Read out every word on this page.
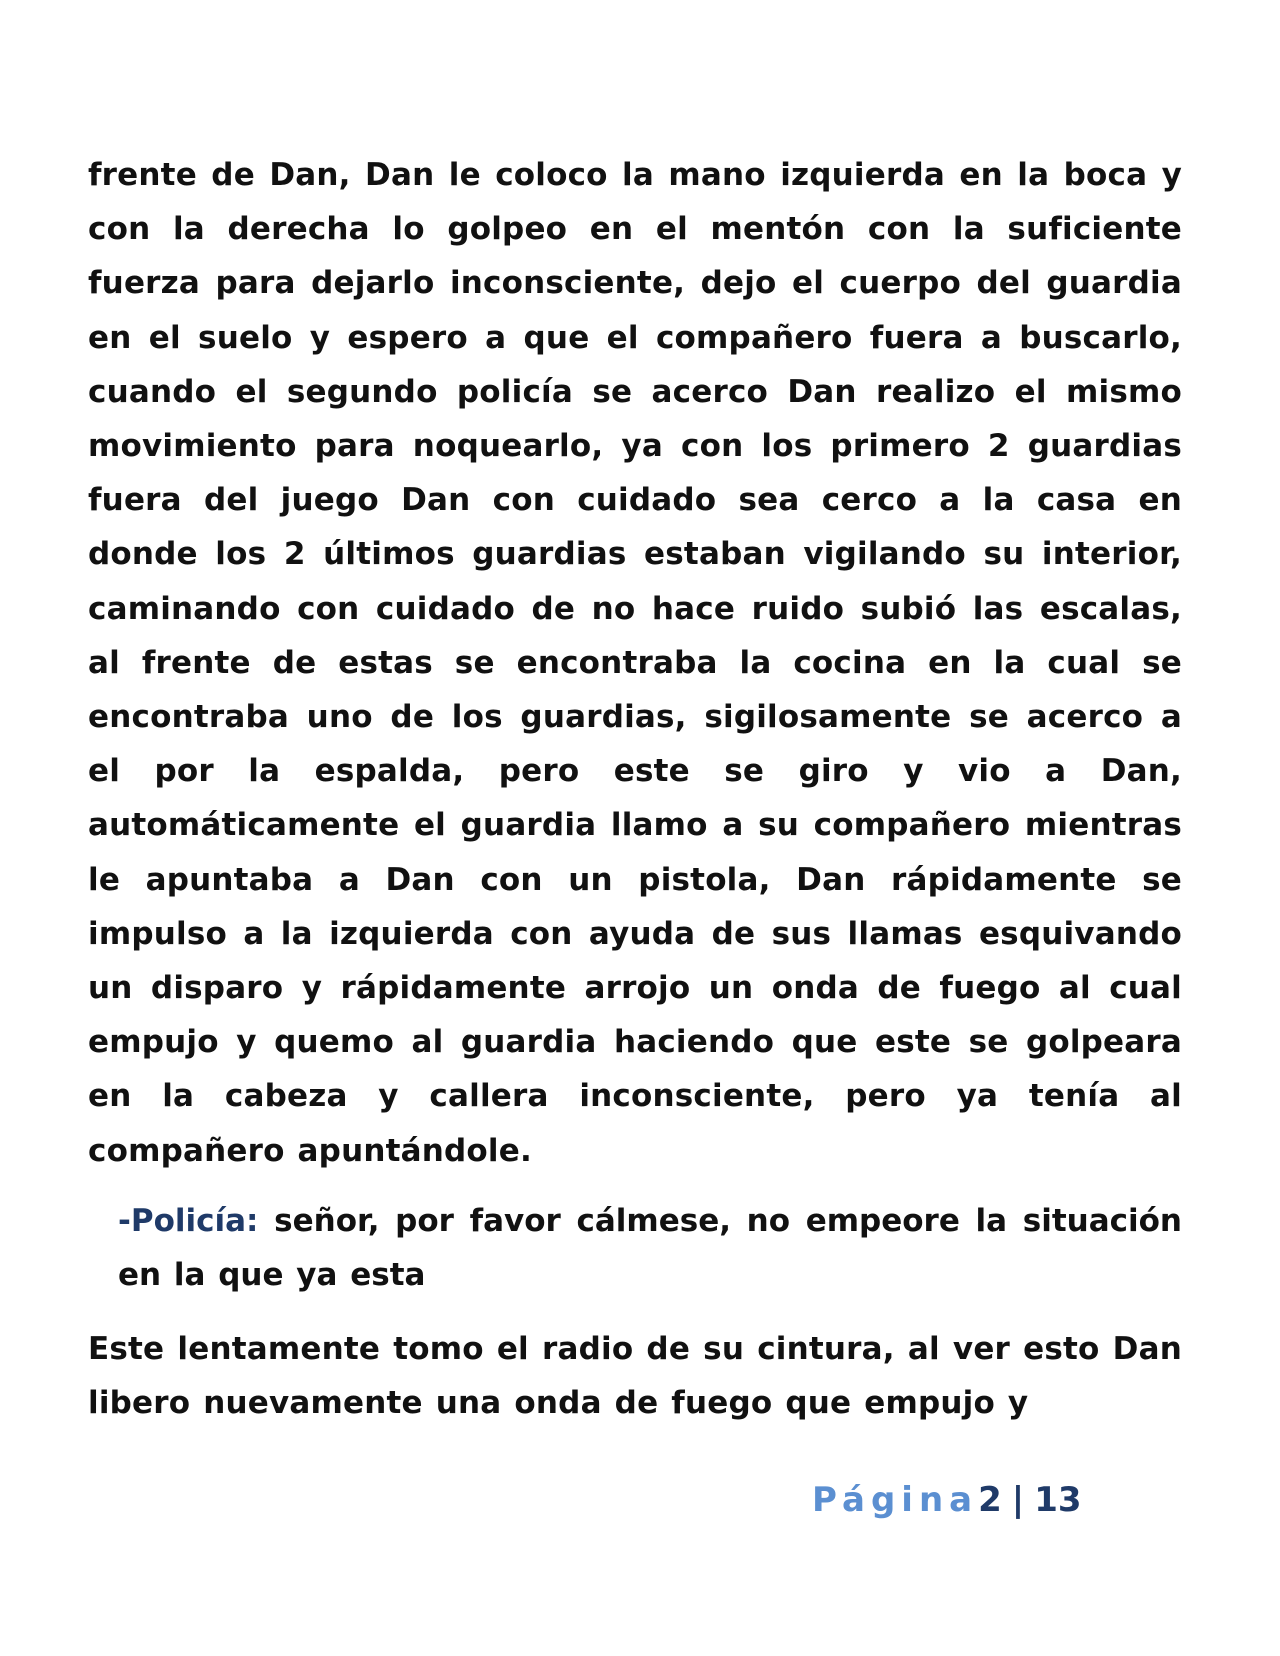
frente de Dan, Dan le coloco la mano izquierda en la boca y con la derecha lo golpeo en el mentón con la suficiente fuerza para dejarlo inconsciente, dejo el cuerpo del guardia en el suelo y espero a que el compañero fuera a buscarlo, cuando el segundo policía se acerco Dan realizo el mismo movimiento para noquearlo, ya con los primero 2 guardias fuera del juego Dan con cuidado sea cerco a la casa en donde los 2 últimos guardias estaban vigilando su interior, caminando con cuidado de no hace ruido subió las escalas, al frente de estas se encontraba la cocina en la cual se encontraba uno de los guardias, sigilosamente se acerco a el por la espalda, pero este se giro y vio a Dan, automáticamente el guardia llamo a su compañero mientras le apuntaba a Dan con un pistola, Dan rápidamente se impulso a la izquierda con ayuda de sus llamas esquivando un disparo y rápidamente arrojo un onda de fuego al cual empujo y quemo al guardia haciendo que este se golpeara en la cabeza y callera inconsciente, pero ya tenía al compañero apuntándole.

-Policía: señor, por favor cálmese, no empeore la situación en la que ya esta

Este lentamente tomo el radio de su cintura, al ver esto Dan libero nuevamente una onda de fuego que empujo y

Página2 | 13
